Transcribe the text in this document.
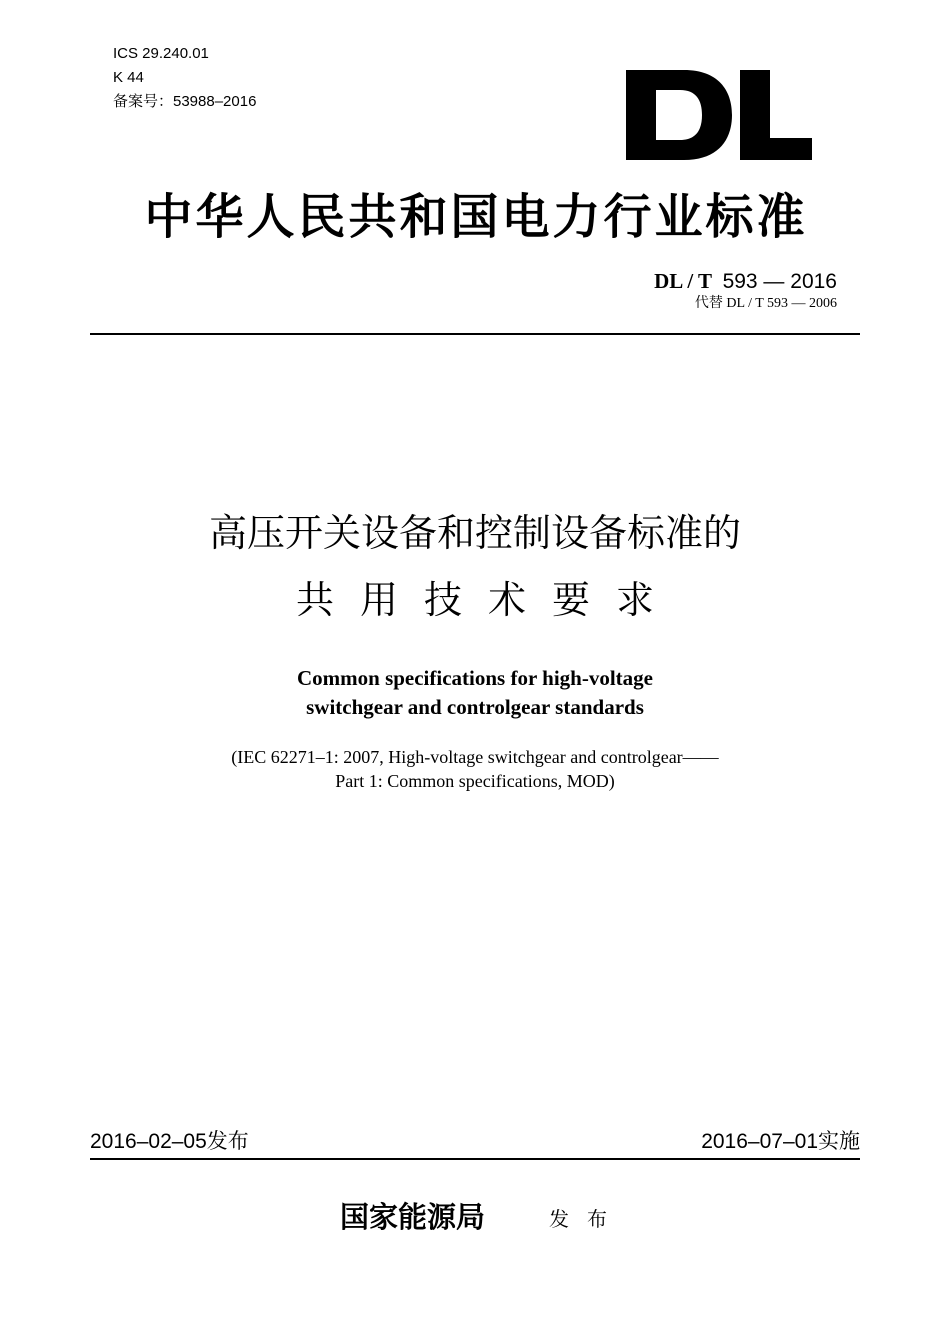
ICS 29.240.01
K 44
备案号：53988–2016
中华人民共和国电力行业标准
DL / T 593 — 2016
代替 DL / T 593 — 2006
高压开关设备和控制设备标准的
共用技术要求
Common specifications for high-voltage
switchgear and controlgear standards
(IEC 62271–1: 2007, High-voltage switchgear and controlgear——
Part 1: Common specifications, MOD)
2016–02–05发布	2016–07–01实施
国家能源局	发布
